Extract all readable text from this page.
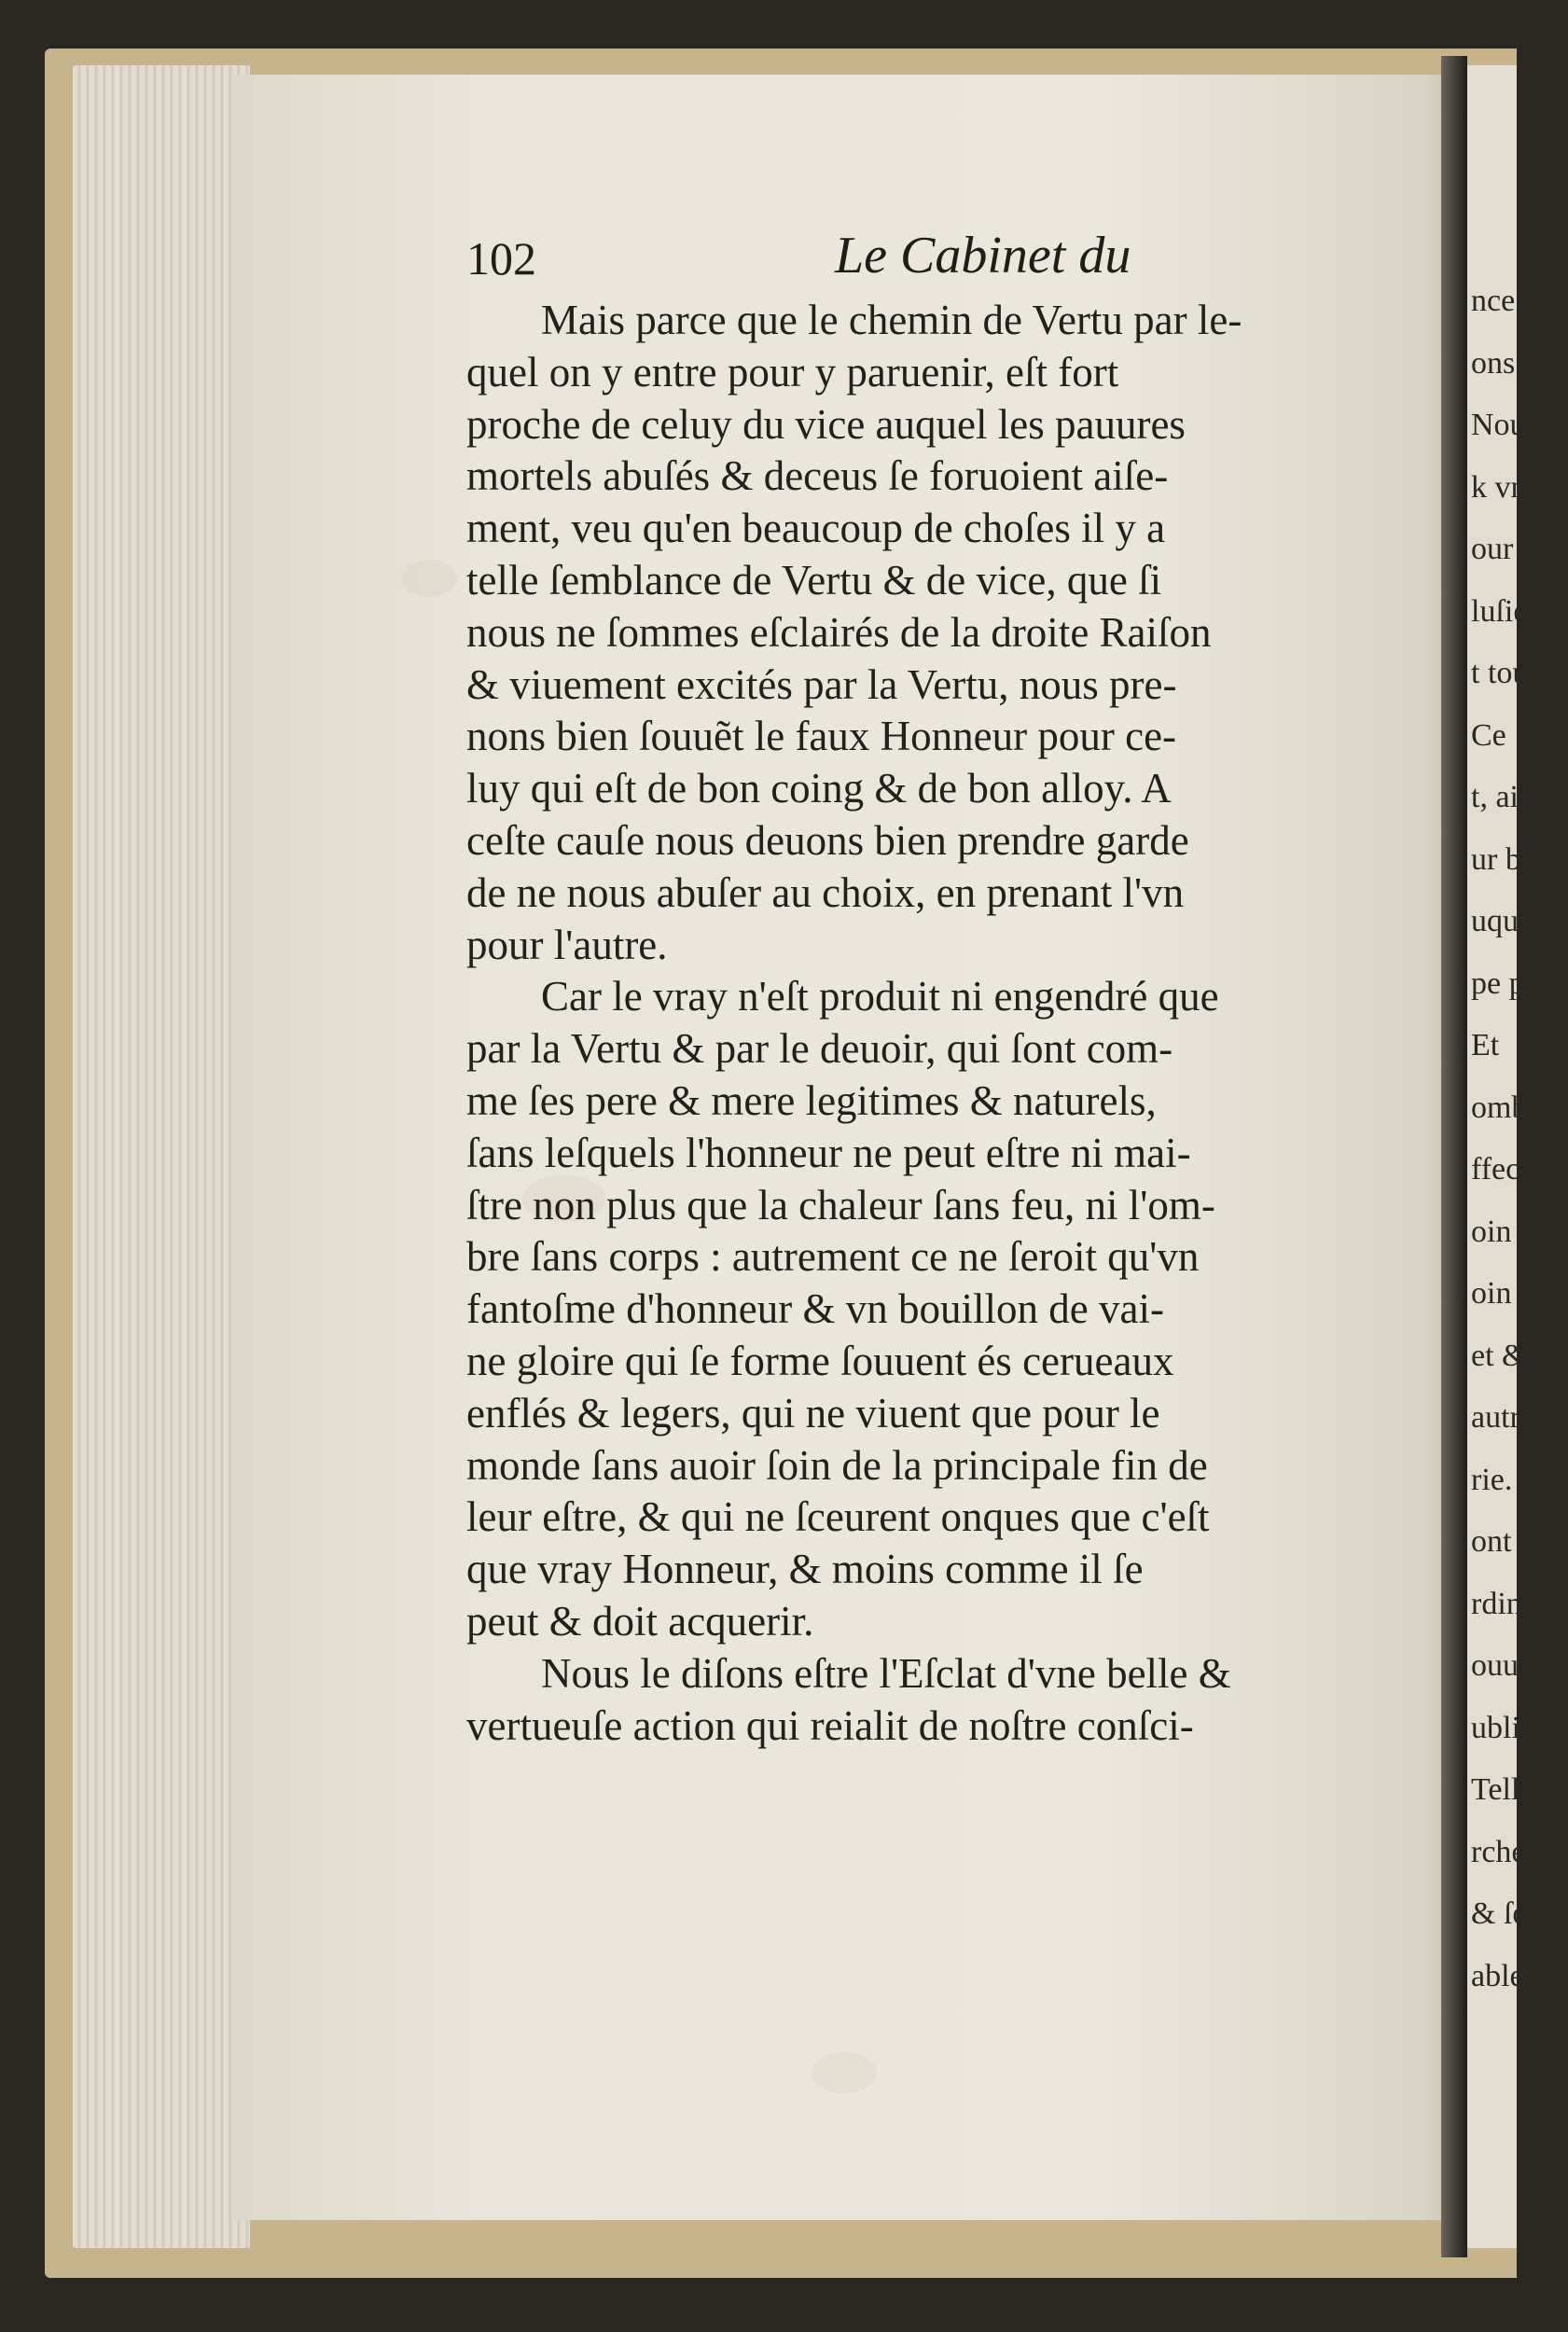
nce à la
ons.
Nou
k vne
our le
luſieu
t tous
Ce
t, ain
ur bi
uquel
pe pu
Et
ombr
ffectio
oin de
oin e
et & t
autru
rie.
ont p
rdina
ouuo
ublic,
Tell
rcher
& ſe
ables
102	Le Cabinet du
Mais parce que le chemin de Vertu par le-
quel on y entre pour y paruenir, eſt fort
proche de celuy du vice auquel les pauures
mortels abuſés & deceus ſe foruoient aiſe-
ment, veu qu'en beaucoup de choſes il y a
telle ſemblance de Vertu & de vice, que ſi
nous ne ſommes eſclairés de la droite Raiſon
& viuement excités par la Vertu, nous pre-
nons bien ſouuẽt le faux Honneur pour ce-
luy qui eſt de bon coing & de bon alloy. A
ceſte cauſe nous deuons bien prendre garde
de ne nous abuſer au choix, en prenant l'vn
pour l'autre.
Car le vray n'eſt produit ni engendré que
par la Vertu & par le deuoir, qui ſont com-
me ſes pere & mere legitimes & naturels,
ſans leſquels l'honneur ne peut eſtre ni mai-
ſtre non plus que la chaleur ſans feu, ni l'om-
bre ſans corps : autrement ce ne ſeroit qu'vn
fantoſme d'honneur & vn bouillon de vai-
ne gloire qui ſe forme ſouuent és cerueaux
enflés & legers, qui ne viuent que pour le
monde ſans auoir ſoin de la principale fin de
leur eſtre, & qui ne ſceurent onques que c'eſt
que vray Honneur, & moins comme il ſe
peut & doit acquerir.
Nous le diſons eſtre l'Eſclat d'vne belle &
vertueuſe action qui reialit de noſtre conſci-
